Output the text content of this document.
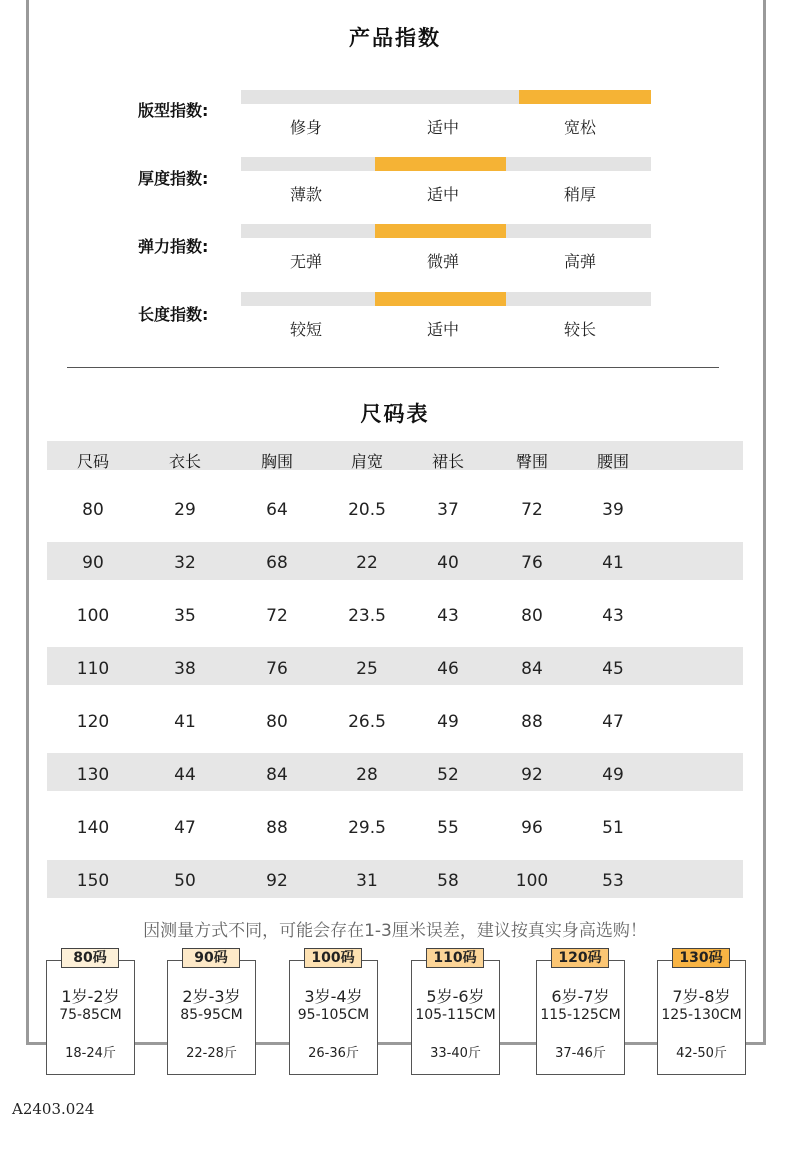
产品指数
版型指数:
修身	适中	宽松
厚度指数:
薄款	适中	稍厚
弹力指数:
无弹	微弹	高弹
长度指数:
较短	适中	较长
尺码表
尺码	衣长	胸围	肩宽	裙长	臀围	腰围
80	29	64	20.5	37	72	39
90	32	68	22	40	76	41
100	35	72	23.5	43	80	43
110	38	76	25	46	84	45
120	41	80	26.5	49	88	47
130	44	84	28	52	92	49
140	47	88	29.5	55	96	51
150	50	92	31	58	100	53
因测量方式不同，可能会存在1-3厘米误差，建议按真实身高选购！
80码
1岁-2岁
75-85CM
18-24斤
90码
2岁-3岁
85-95CM
22-28斤
100码
3岁-4岁
95-105CM
26-36斤
110码
5岁-6岁
105-115CM
33-40斤
120码
6岁-7岁
115-125CM
37-46斤
130码
7岁-8岁
125-130CM
42-50斤
A2403.024
